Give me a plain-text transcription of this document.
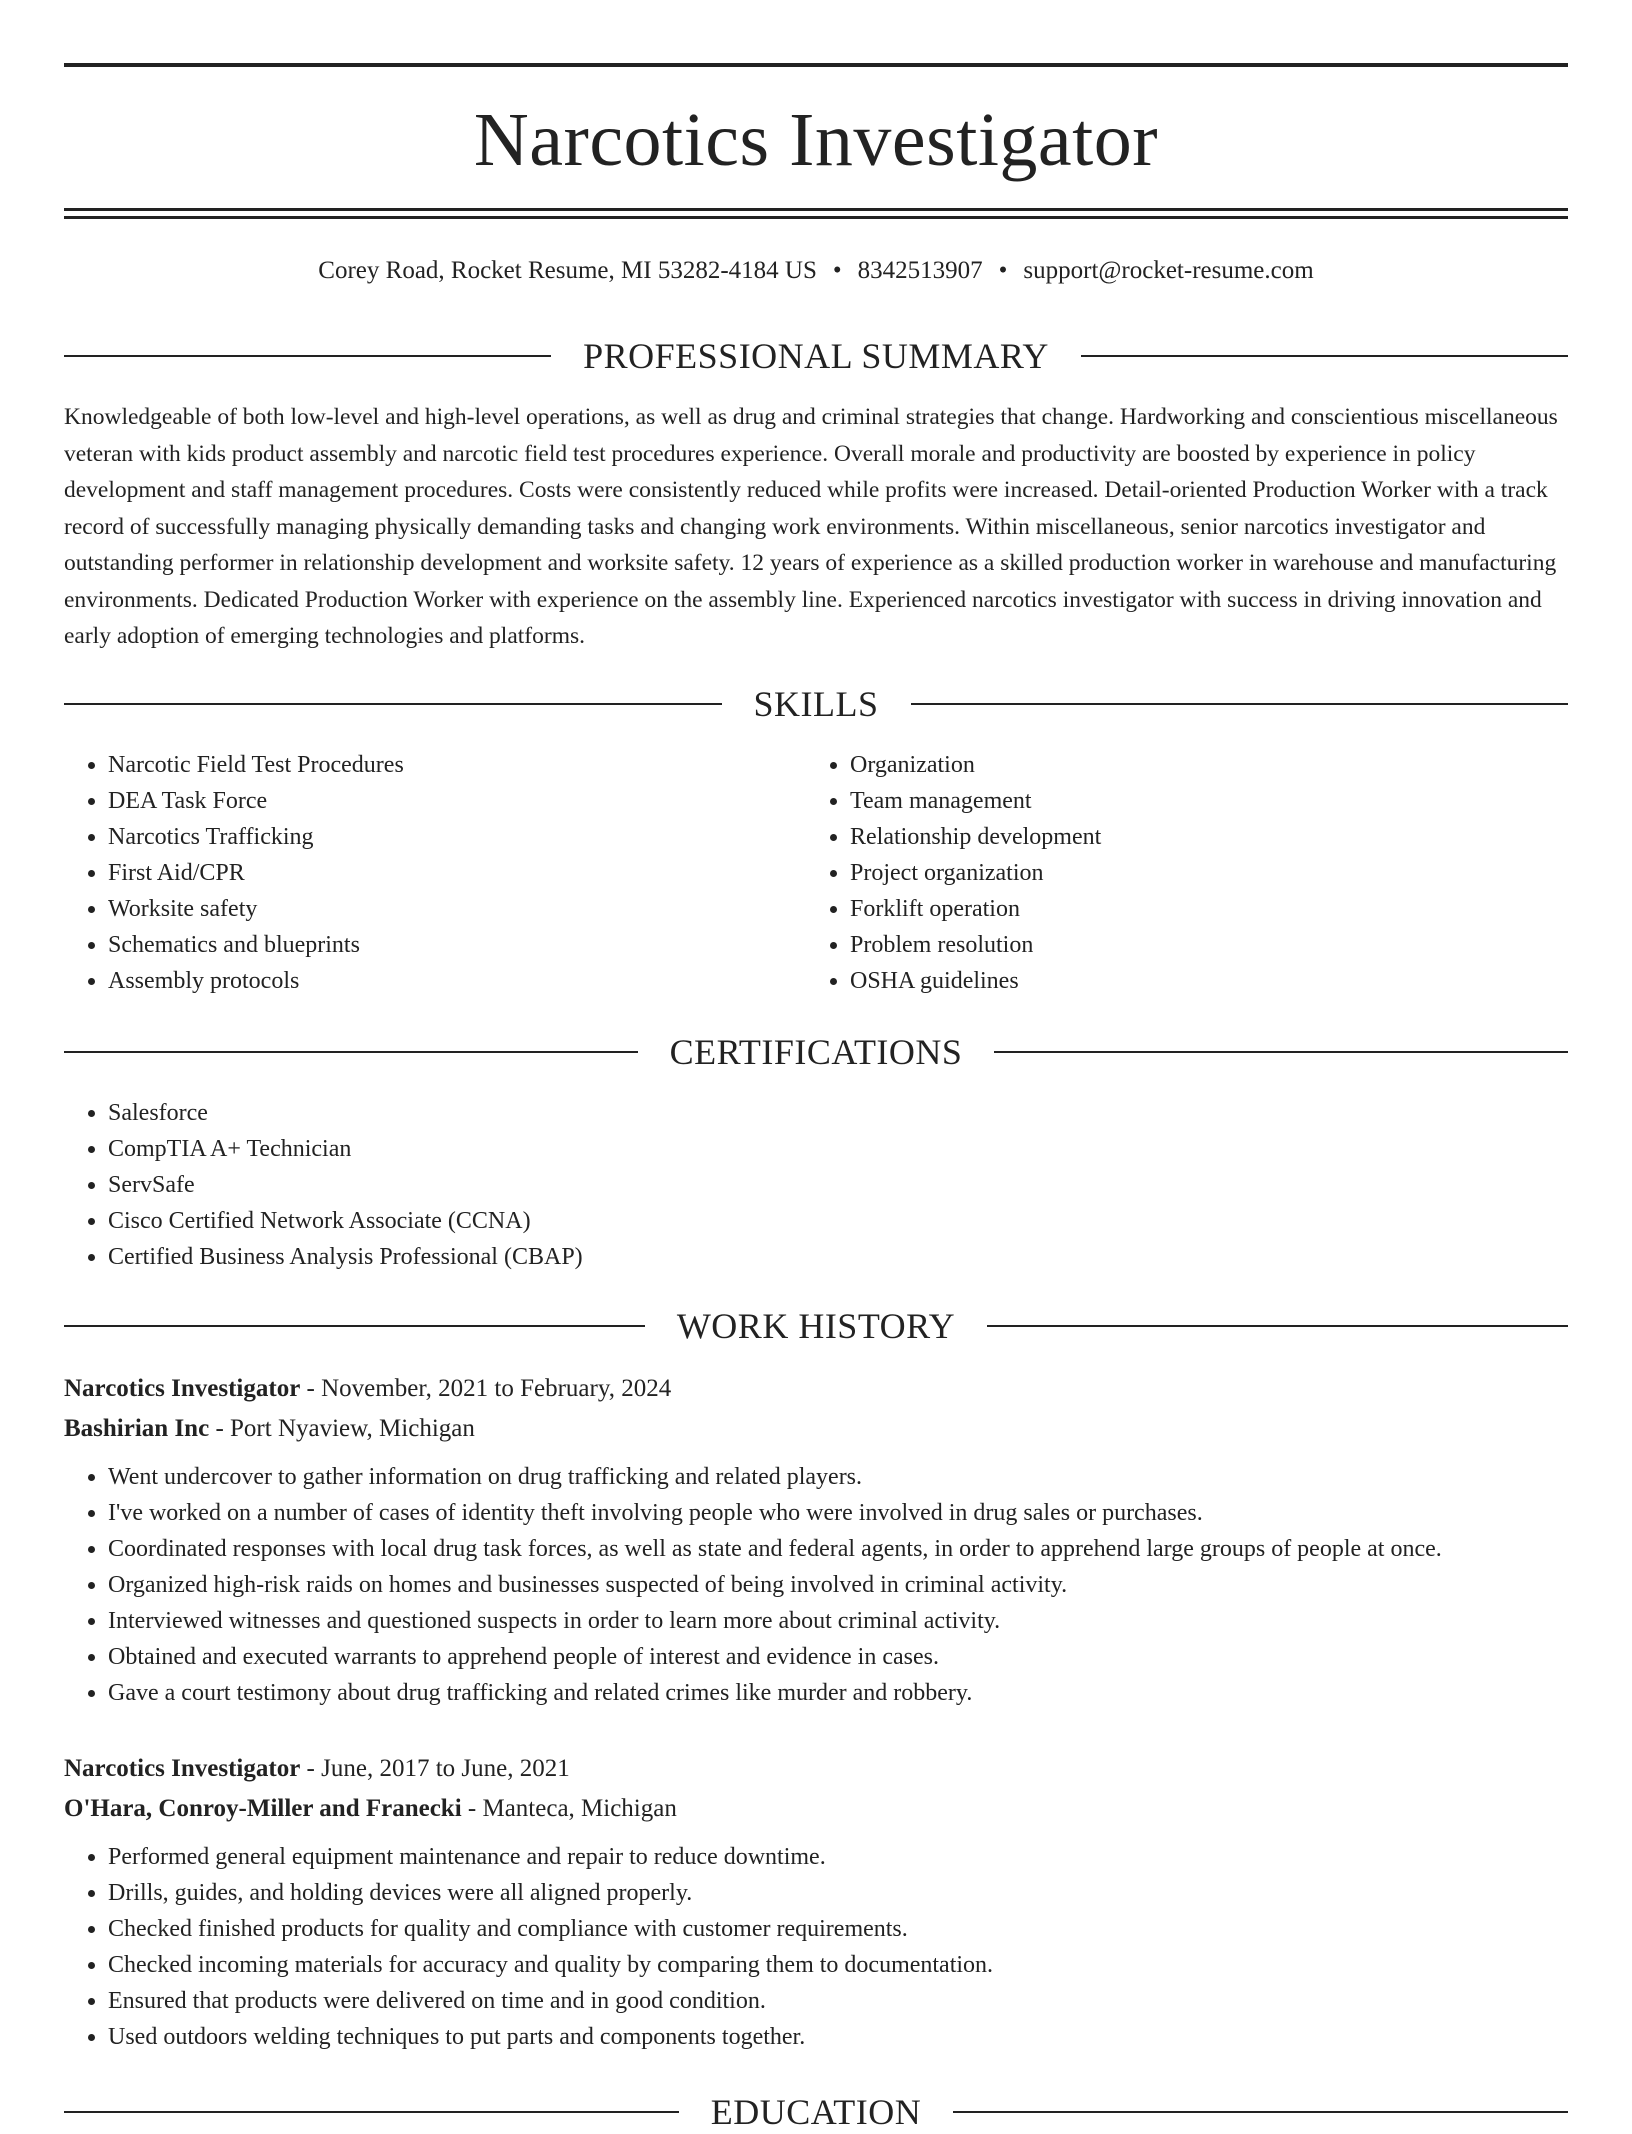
Narcotics Investigator
Corey Road, Rocket Resume, MI 53282-4184 US • 8342513907 • support@rocket-resume.com
PROFESSIONAL SUMMARY

Knowledgeable of both low-level and high-level operations, as well as drug and criminal strategies that change. Hardworking and conscientious miscellaneous veteran with kids product assembly and narcotic field test procedures experience. Overall morale and productivity are boosted by experience in policy development and staff management procedures. Costs were consistently reduced while profits were increased. Detail-oriented Production Worker with a track record of successfully managing physically demanding tasks and changing work environments. Within miscellaneous, senior narcotics investigator and outstanding performer in relationship development and worksite safety. 12 years of experience as a skilled production worker in warehouse and manufacturing environments. Dedicated Production Worker with experience on the assembly line. Experienced narcotics investigator with success in driving innovation and early adoption of emerging technologies and platforms.

SKILLS
• Narcotic Field Test Procedures
• DEA Task Force
• Narcotics Trafficking
• First Aid/CPR
• Worksite safety
• Schematics and blueprints
• Assembly protocols
• Organization
• Team management
• Relationship development
• Project organization
• Forklift operation
• Problem resolution
• OSHA guidelines
CERTIFICATIONS
• Salesforce
• CompTIA A+ Technician
• ServSafe
• Cisco Certified Network Associate (CCNA)
• Certified Business Analysis Professional (CBAP)
WORK HISTORY
Narcotics Investigator - November, 2021 to February, 2024
Bashirian Inc - Port Nyaview, Michigan
• Went undercover to gather information on drug trafficking and related players.
• I've worked on a number of cases of identity theft involving people who were involved in drug sales or purchases.
• Coordinated responses with local drug task forces, as well as state and federal agents, in order to apprehend large groups of people at once.
• Organized high-risk raids on homes and businesses suspected of being involved in criminal activity.
• Interviewed witnesses and questioned suspects in order to learn more about criminal activity.
• Obtained and executed warrants to apprehend people of interest and evidence in cases.
• Gave a court testimony about drug trafficking and related crimes like murder and robbery.
Narcotics Investigator - June, 2017 to June, 2021
O'Hara, Conroy-Miller and Franecki - Manteca, Michigan
• Performed general equipment maintenance and repair to reduce downtime.
• Drills, guides, and holding devices were all aligned properly.
• Checked finished products for quality and compliance with customer requirements.
• Checked incoming materials for accuracy and quality by comparing them to documentation.
• Ensured that products were delivered on time and in good condition.
• Used outdoors welding techniques to put parts and components together.
EDUCATION
